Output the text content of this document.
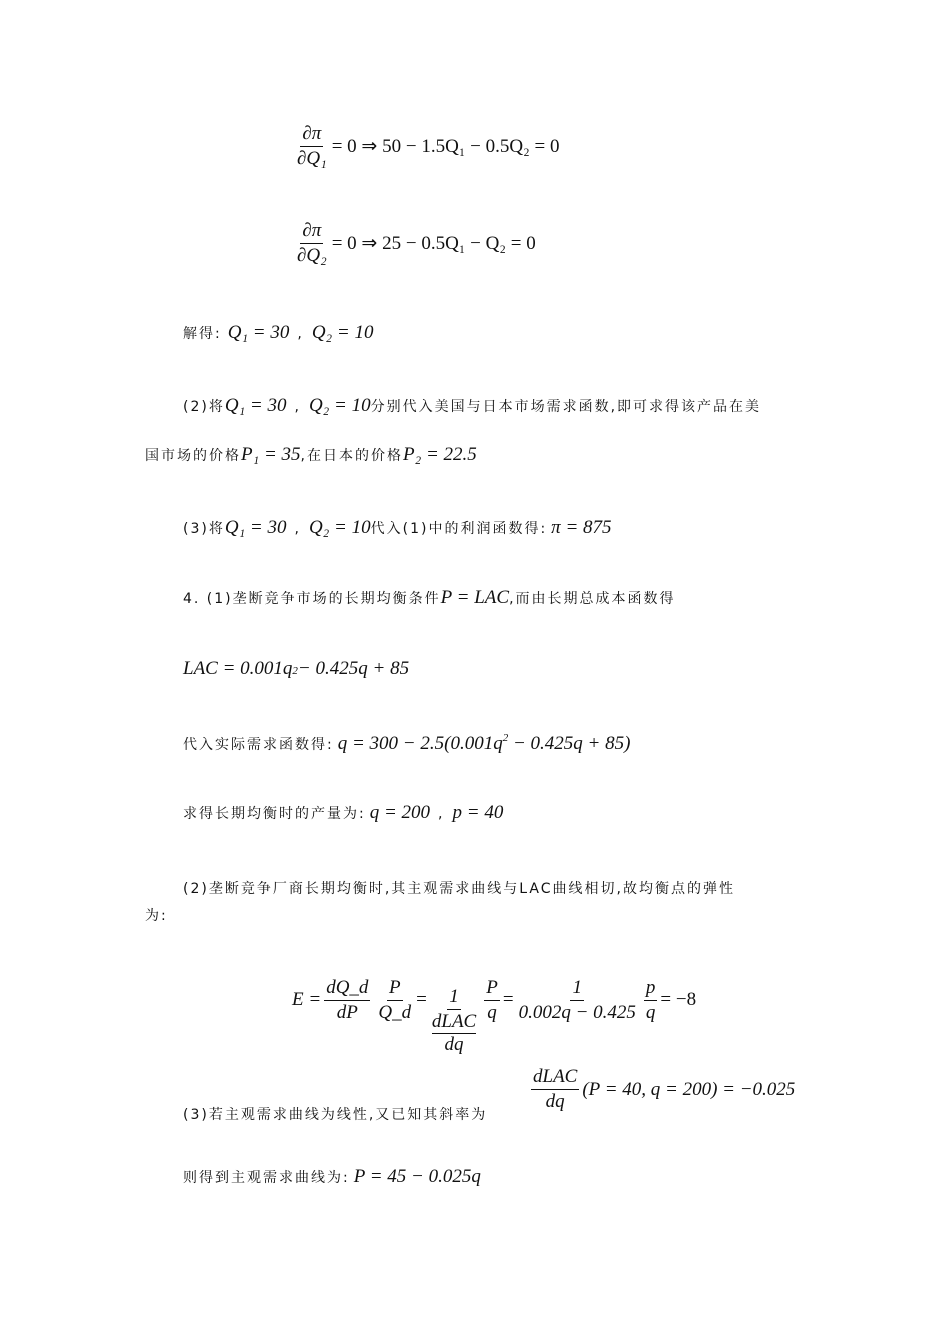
$\frac{\partial\pi}{\text{∂Q₁}} = 0$ ⇒ 50 − 1.5Q₁ − 0.5Q₂ = 0
$\frac{\partial\pi}{\text{∂Q₂}} = 0$ ⇒ 25 − 0.5Q₁ − Q₂ = 0
解得: Q₁ = 30 , Q₂ = 10
(2)将 Q₁ = 30 , Q₂ = 10 分别代入美国与日本市场需求函数,即可求得该产品在美
国市场的价格 P₁ = 35 ,在日本的价格 P₂ = 22.5
(3)将 Q₁ = 30 , Q₂ = 10 代入(1)中的利润函数得: π = 875
4. (1)垄断竞争市场的长期均衡条件 P = LAC ,而由长期总成本函数得
LAC = 0.001q 2 − 0.425q + 85
代入实际需求函数得: $q = 300 - 2.5(0.001q^2 - 0.425q + 85)$
求得长期均衡时的产量为: q = 200 , p = 40
(2)垄断竞争厂商长期均衡时,其主观需求曲线与LAC曲线相切,故均衡点的弹性
为:
$E = \frac{dQ\_d}{dP} \frac{P}{Q\_d} = 1$
dLAC
dq $\frac{P}{q} = \frac{1}{0.002q - 0.425} \frac{p}{q} = -8$
(3)若主观需求曲线为线性,又已知其斜率为
$\frac{\text{dLAC}}{dq} (P = 40$, q = 200) = −0.025
则得到主观需求曲线为: P = 45 − 0.025q
